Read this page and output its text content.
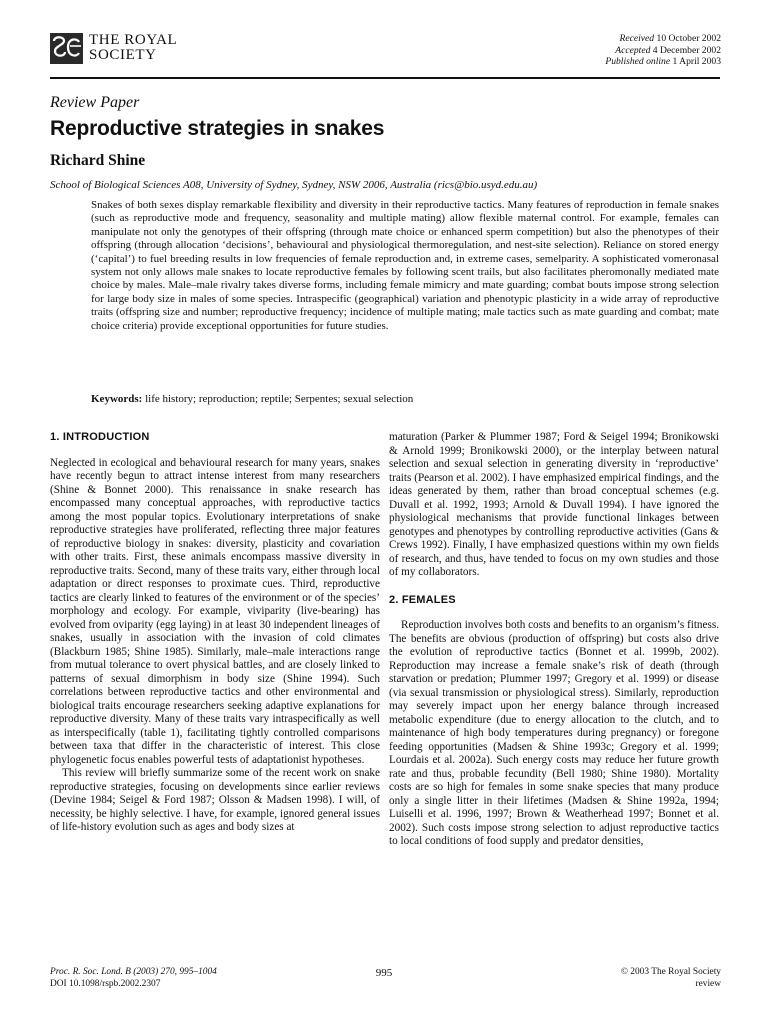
THE ROYAL
SOCIETY
Received 10 October 2002
Accepted 4 December 2002
Published online 1 April 2003
Review Paper
Reproductive strategies in snakes
Richard Shine
School of Biological Sciences A08, University of Sydney, Sydney, NSW 2006, Australia (rics@bio.usyd.edu.au)

Snakes of both sexes display remarkable flexibility and diversity in their reproductive tactics. Many features of reproduction in female snakes (such as reproductive mode and frequency, seasonality and multiple mating) allow flexible maternal control. For example, females can manipulate not only the genotypes of their offspring (through mate choice or enhanced sperm competition) but also the phenotypes of their offspring (through allocation ‘decisions’, behavioural and physiological thermoregulation, and nest-site selection). Reliance on stored energy (‘capital’) to fuel breeding results in low frequencies of female reproduction and, in extreme cases, semelparity. A sophisticated vomeronasal system not only allows male snakes to locate reproductive females by following scent trails, but also facilitates pheromonally mediated mate choice by males. Male–male rivalry takes diverse forms, including female mimicry and mate guarding; combat bouts impose strong selection for large body size in males of some species. Intraspecific (geographical) variation and phenotypic plasticity in a wide array of reproductive traits (offspring size and number; reproductive frequency; incidence of multiple mating; male tactics such as mate guarding and combat; mate choice criteria) provide exceptional opportunities for future studies.

Keywords: life history; reproduction; reptile; Serpentes; sexual selection
1. INTRODUCTION

Neglected in ecological and behavioural research for many years, snakes have recently begun to attract intense interest from many researchers (Shine & Bonnet 2000). This renaissance in snake research has encompassed many conceptual approaches, with reproductive tactics among the most popular topics. Evolutionary interpretations of snake reproductive strategies have proliferated, reflecting three major features of reproductive biology in snakes: diversity, plasticity and covariation with other traits. First, these animals encompass massive diversity in reproductive traits. Second, many of these traits vary, either through local adaptation or direct responses to proximate cues. Third, reproductive tactics are clearly linked to features of the environment or of the species’ morphology and ecology. For example, viviparity (live-bearing) has evolved from oviparity (egg laying) in at least 30 independent lineages of snakes, usually in association with the invasion of cold climates (Blackburn 1985; Shine 1985). Similarly, male–male interactions range from mutual tolerance to overt physical battles, and are closely linked to patterns of sexual dimorphism in body size (Shine 1994). Such correlations between reproductive tactics and other environmental and biological traits encourage researchers seeking adaptive explanations for reproductive diversity. Many of these traits vary intraspecifically as well as interspecifically (table 1), facilitating tightly controlled comparisons between taxa that differ in the characteristic of interest. This close phylogenetic focus enables powerful tests of adaptationist hypotheses.

This review will briefly summarize some of the recent work on snake reproductive strategies, focusing on developments since earlier reviews (Devine 1984; Seigel & Ford 1987; Olsson & Madsen 1998). I will, of necessity, be highly selective. I have, for example, ignored general issues of life-history evolution such as ages and body sizes at

maturation (Parker & Plummer 1987; Ford & Seigel 1994; Bronikowski & Arnold 1999; Bronikowski 2000), or the interplay between natural selection and sexual selection in generating diversity in ‘reproductive’ traits (Pearson et al. 2002). I have emphasized empirical findings, and the ideas generated by them, rather than broad conceptual schemes (e.g. Duvall et al. 1992, 1993; Arnold & Duvall 1994). I have ignored the physiological mechanisms that provide functional linkages between genotypes and phenotypes by controlling reproductive activities (Gans & Crews 1992). Finally, I have emphasized questions within my own fields of research, and thus, have tended to focus on my own studies and those of my collaborators.

2. FEMALES

Reproduction involves both costs and benefits to an organism’s fitness. The benefits are obvious (production of offspring) but costs also drive the evolution of reproductive tactics (Bonnet et al. 1999b, 2002). Reproduction may increase a female snake’s risk of death (through starvation or predation; Plummer 1997; Gregory et al. 1999) or disease (via sexual transmission or physiological stress). Similarly, reproduction may severely impact upon her energy balance through increased metabolic expenditure (due to energy allocation to the clutch, and to maintenance of high body temperatures during pregnancy) or foregone feeding opportunities (Madsen & Shine 1993c; Gregory et al. 1999; Lourdais et al. 2002a). Such energy costs may reduce her future growth rate and thus, probable fecundity (Bell 1980; Shine 1980). Mortality costs are so high for females in some snake species that many produce only a single litter in their lifetimes (Madsen & Shine 1992a, 1994; Luiselli et al. 1996, 1997; Brown & Weatherhead 1997; Bonnet et al. 2002). Such costs impose strong selection to adjust reproductive tactics to local conditions of food supply and predator densities,

Proc. R. Soc. Lond. B (2003) 270, 995–1004
DOI 10.1098/rspb.2002.2307
995	© 2003 The Royal Society
review
